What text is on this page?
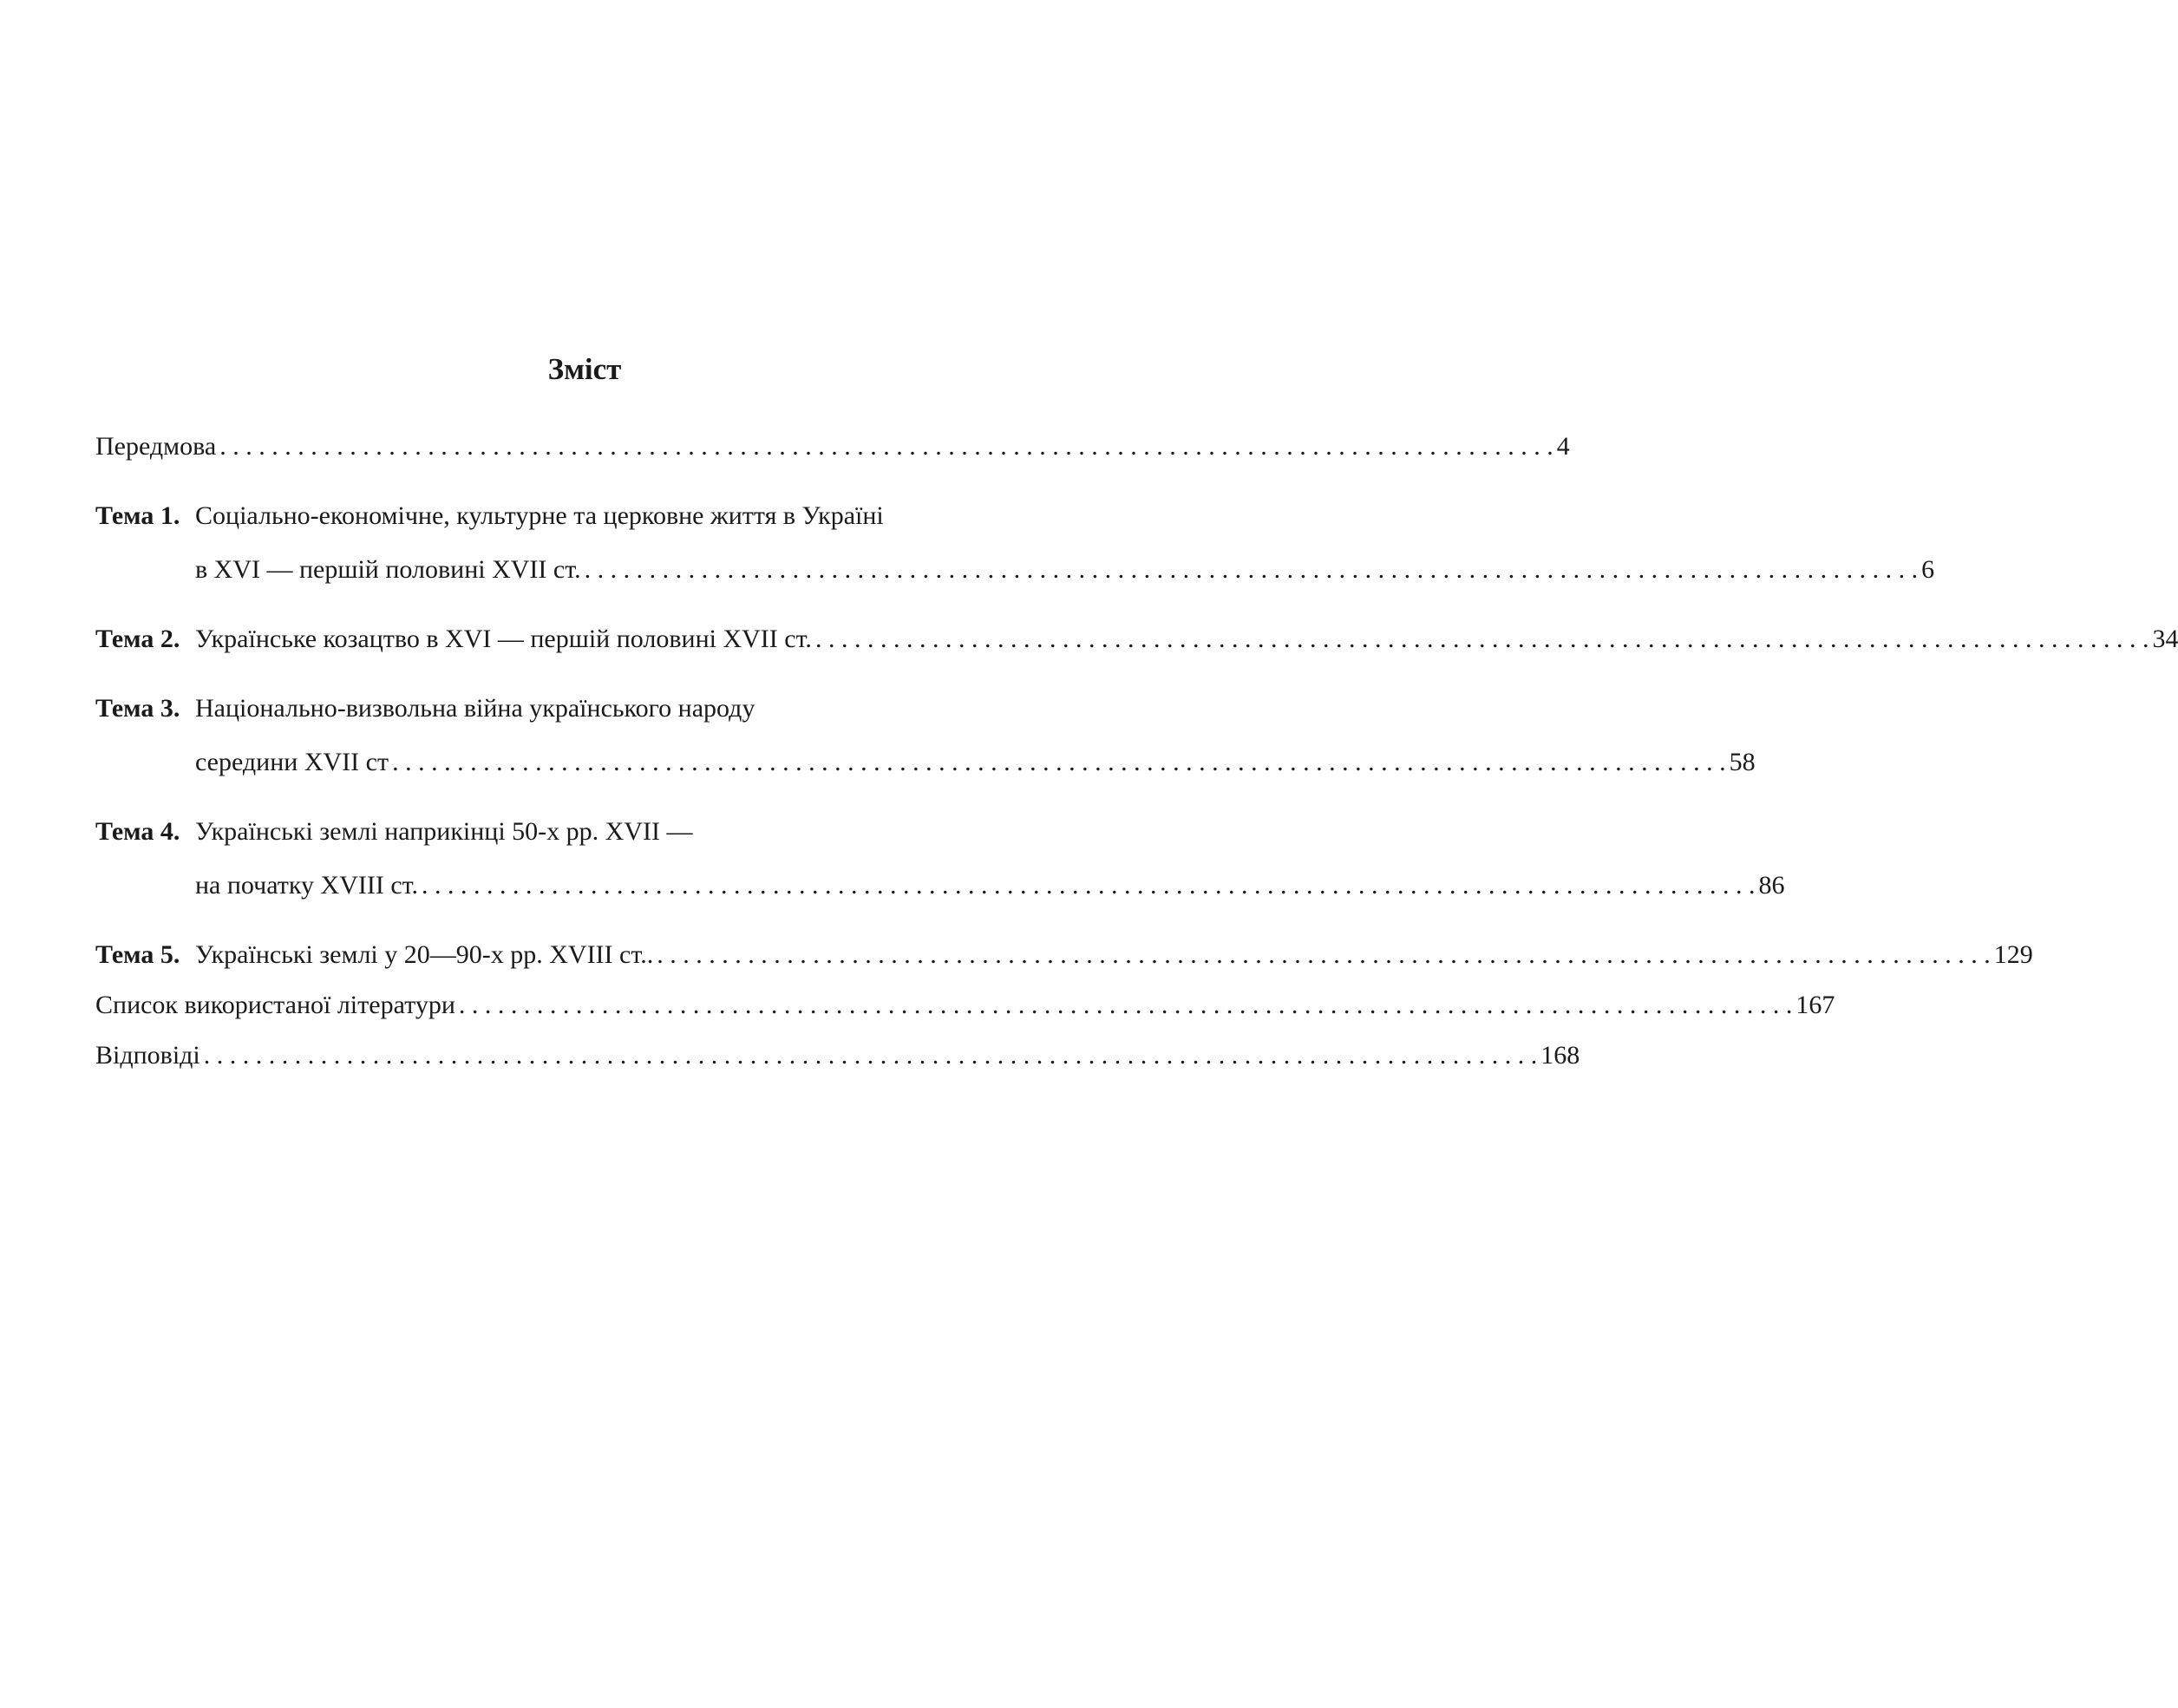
Зміст
Передмова . . .	4
Тема 1. Соціально-економічне, культурне та церковне життя в Україні
в XVI — першій половині XVII ст. . . .	6
Тема 2. Українське козацтво в XVI — першій половині XVII ст. . . .	34
Тема 3. Національно-визвольна війна українського народу
середини XVII ст . . .	58
Тема 4. Українські землі наприкінці 50-х рр. XVII —
на початку XVIII ст. . . .	86
Тема 5. Українські землі у 20—90-х рр. XVIII ст.. . . .	129
Список використаної літератури . . .	167
Відповіді . . .	168
